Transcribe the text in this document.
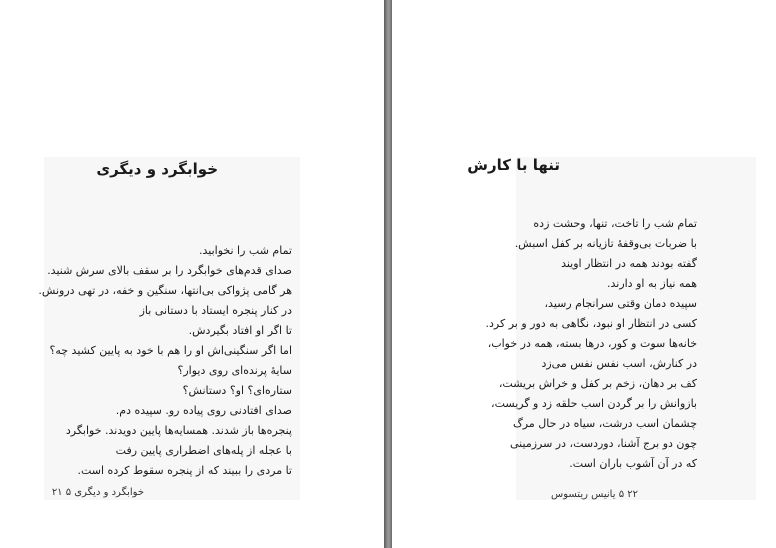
خوابگرد و دیگری
تمام شب را نخوابید.
صدای قدم‌های خوابگرد را بر سقف بالای سرش شنید.
هر گامی پژواکی بی‌انتها، سنگین و خفه، در تهی درونش.
در کنار پنجره ایستاد با دستانی باز
تا اگر او افتاد بگیردش.
اما اگر سنگینی‌اش او را هم با خود به پایین کشید چه؟
سایهٔ پرنده‌ای روی دیوار؟
ستاره‌ای؟ او؟ دستانش؟
صدای افتادنی روی پیاده رو. سپیده دم.
پنجره‌ها باز شدند. همسایه‌ها پایین دویدند. خوابگرد
با عجله از پله‌های اضطراری پایین رفت
تا مردی را ببیند که از پنجره سقوط کرده است.
خوابگرد و دیگری ۵ ۲۱
تنها با کارش
تمام شب را تاخت، تنها، وحشت زده
با ضربات بی‌وقفهٔ تازیانه بر کفل اسبش.
گفته بودند همه در انتظار اویند
همه نیاز به او دارند.
سپیده دمان وقتی سرانجام رسید،
کسی در انتظار او نبود، نگاهی به دور و بر کرد.
خانه‌ها سوت و کور، درها بسته، همه در خواب،
در کنارش، اسب نفس نفس می‌زد
کف بر دهان، زخم بر کفل و خراش بریشت،
بازوانش را بر گردن اسب حلقه زد و گریست،
چشمان اسب درشت، سیاه در حال مرگ
چون دو برج آشنا، دوردست، در سرزمینی
که در آن آشوب باران است.
۲۲ ۵ یانیس ریتسوس
